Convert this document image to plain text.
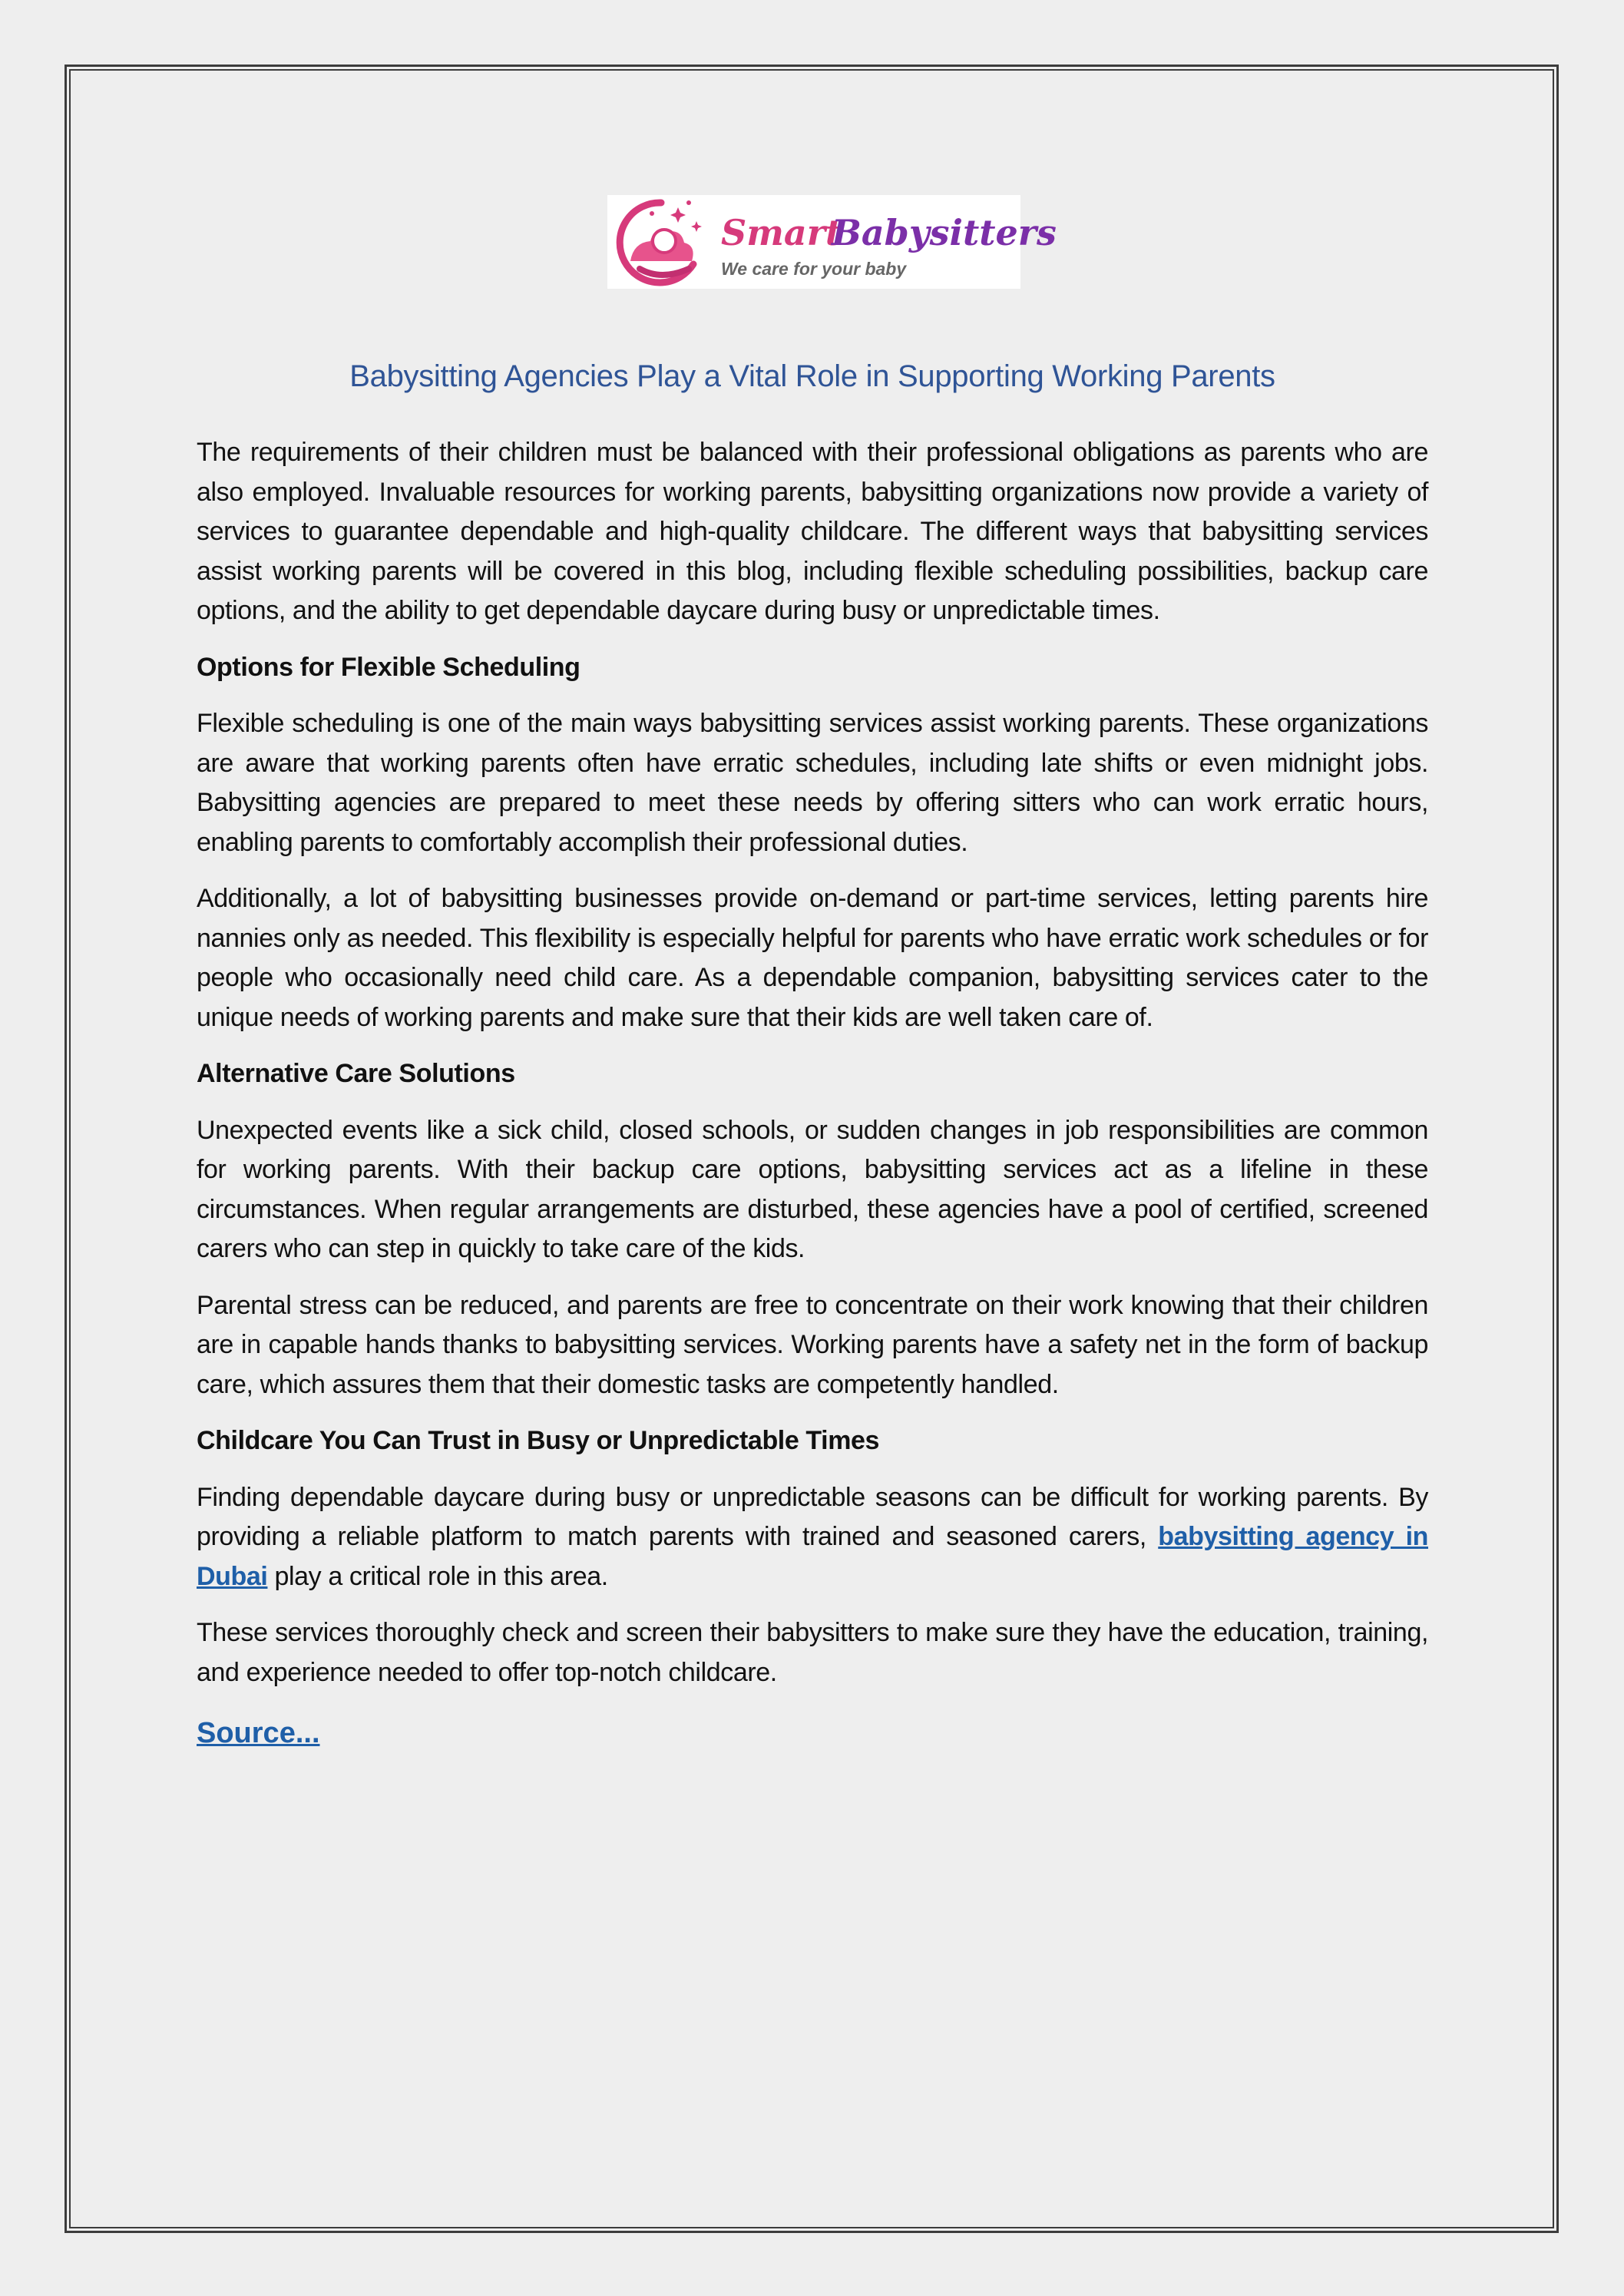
Smart
Babysitters
We care for your baby
Babysitting Agencies Play a Vital Role in Supporting Working Parents

The requirements of their children must be balanced with their professional obligations as parents who are also employed. Invaluable resources for working parents, babysitting organizations now provide a variety of services to guarantee dependable and high-quality childcare. The different ways that babysitting services assist working parents will be covered in this blog, including flexible scheduling possibilities, backup care options, and the ability to get dependable daycare during busy or unpredictable times.

Options for Flexible Scheduling

Flexible scheduling is one of the main ways babysitting services assist working parents. These organizations are aware that working parents often have erratic schedules, including late shifts or even midnight jobs. Babysitting agencies are prepared to meet these needs by offering sitters who can work erratic hours, enabling parents to comfortably accomplish their professional duties.

Additionally, a lot of babysitting businesses provide on-demand or part-time services, letting parents hire nannies only as needed. This flexibility is especially helpful for parents who have erratic work schedules or for people who occasionally need child care. As a dependable companion, babysitting services cater to the unique needs of working parents and make sure that their kids are well taken care of.

Alternative Care Solutions

Unexpected events like a sick child, closed schools, or sudden changes in job responsibilities are common for working parents. With their backup care options, babysitting services act as a lifeline in these circumstances. When regular arrangements are disturbed, these agencies have a pool of certified, screened carers who can step in quickly to take care of the kids.

Parental stress can be reduced, and parents are free to concentrate on their work knowing that their children are in capable hands thanks to babysitting services. Working parents have a safety net in the form of backup care, which assures them that their domestic tasks are competently handled.

Childcare You Can Trust in Busy or Unpredictable Times

Finding dependable daycare during busy or unpredictable seasons can be difficult for working parents. By providing a reliable platform to match parents with trained and seasoned carers, babysitting agency in Dubai play a critical role in this area.

These services thoroughly check and screen their babysitters to make sure they have the education, training, and experience needed to offer top-notch childcare.

Source...
